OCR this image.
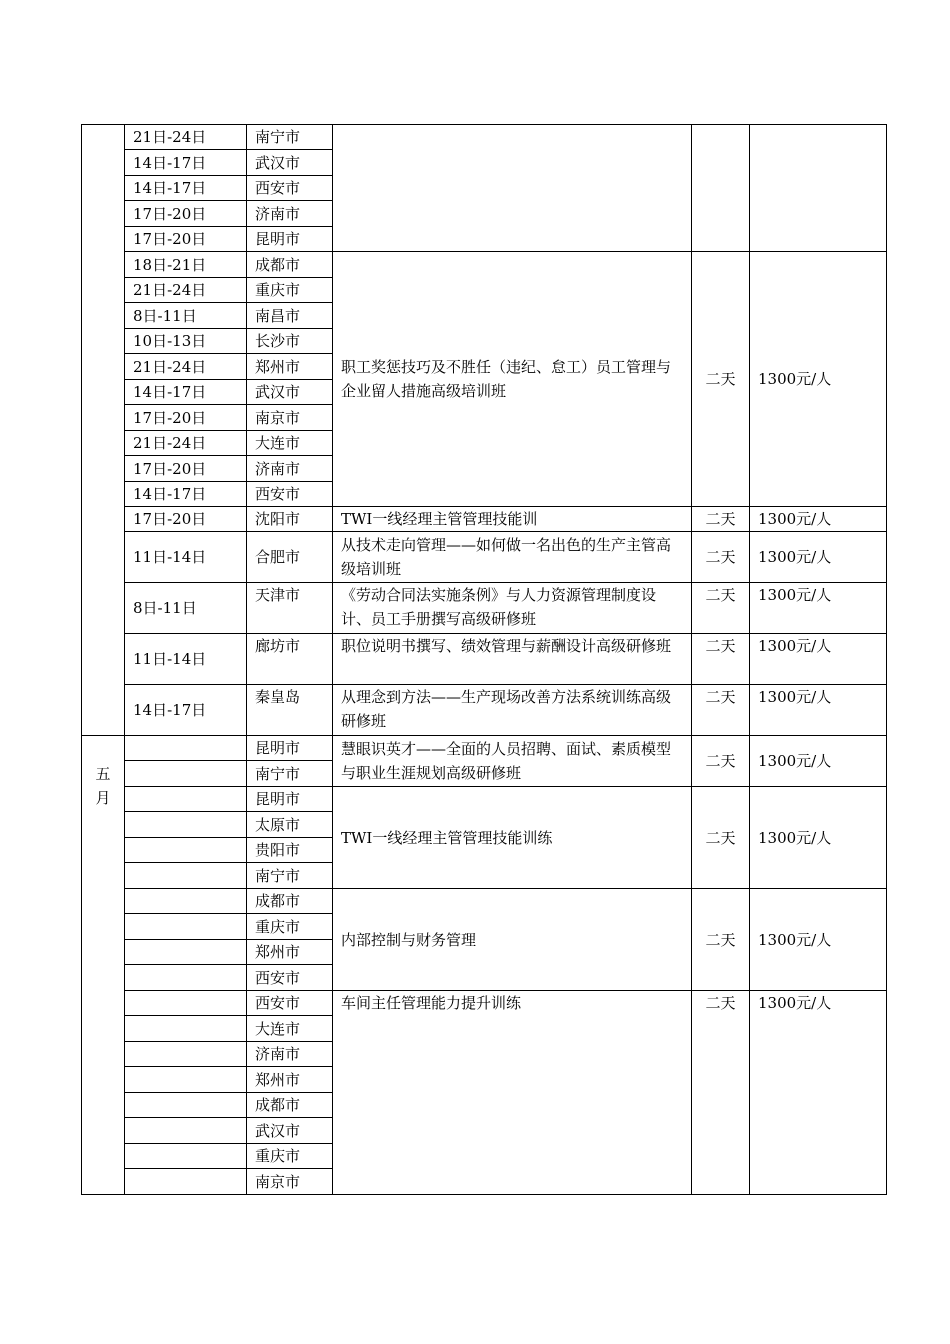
	21日-24日	南宁市			
	14日-17日	武汉市			
	14日-17日	西安市			
	17日-20日	济南市			
	17日-20日	昆明市			
	18日-21日	成都市	职工奖惩技巧及不胜任（违纪、怠工）员工管理与企业留人措施高级培训班	二天	1300元/人
	21日-24日	重庆市			
	8日-11日	南昌市			
	10日-13日	长沙市			
	21日-24日	郑州市			
	14日-17日	武汉市			
	17日-20日	南京市			
	21日-24日	大连市			
	17日-20日	济南市			
	14日-17日	西安市			
	17日-20日	沈阳市	TWI一线经理主管管理技能训	二天	1300元/人
	11日-14日	合肥市	从技术走向管理——如何做一名出色的生产主管高级培训班	二天	1300元/人
	8日-11日	天津市	《劳动合同法实施条例》与人力资源管理制度设计、员工手册撰写高级研修班	二天	1300元/人
	11日-14日	廊坊市	职位说明书撰写、绩效管理与薪酬设计高级研修班	二天	1300元/人
	14日-17日	秦皇岛	从理念到方法——生产现场改善方法系统训练高级研修班	二天	1300元/人
五月		昆明市	慧眼识英才——全面的人员招聘、面试、素质模型与职业生涯规划高级研修班	二天	1300元/人
		南宁市			
		昆明市	TWI一线经理主管管理技能训练	二天	1300元/人
		太原市			
		贵阳市			
		南宁市			
		成都市	内部控制与财务管理	二天	1300元/人
		重庆市			
		郑州市			
		西安市			
		西安市	车间主任管理能力提升训练	二天	1300元/人
		大连市			
		济南市			
		郑州市			
		成都市			
		武汉市			
		重庆市			
		南京市			
